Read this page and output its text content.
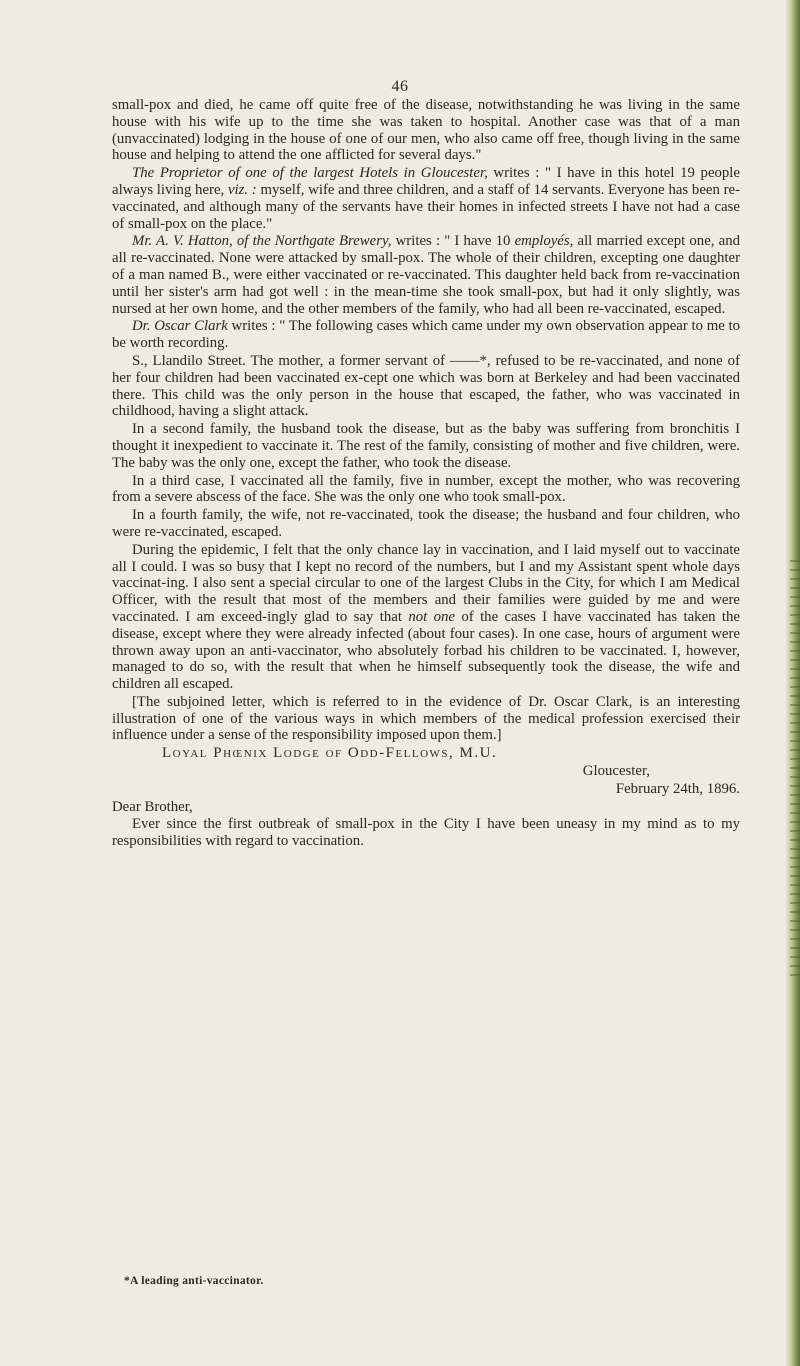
46

small-pox and died, he came off quite free of the disease, notwithstanding he was living in the same house with his wife up to the time she was taken to hospital. Another case was that of a man (unvaccinated) lodging in the house of one of our men, who also came off free, though living in the same house and helping to attend the one afflicted for several days."

The Proprietor of one of the largest Hotels in Gloucester, writes : " I have in this hotel 19 people always living here, viz. : myself, wife and three children, and a staff of 14 servants. Everyone has been re-vaccinated, and although many of the servants have their homes in infected streets I have not had a case of small-pox on the place."

Mr. A. V. Hatton, of the Northgate Brewery, writes : " I have 10 employés, all married except one, and all re-vaccinated. None were attacked by small-pox. The whole of their children, excepting one daughter of a man named B., were either vaccinated or re-vaccinated. This daughter held back from re-vaccination until her sister's arm had got well : in the mean-time she took small-pox, but had it only slightly, was nursed at her own home, and the other members of the family, who had all been re-vaccinated, escaped.

Dr. Oscar Clark writes : " The following cases which came under my own observation appear to me to be worth recording.

S., Llandilo Street. The mother, a former servant of ——*, refused to be re-vaccinated, and none of her four children had been vaccinated ex-cept one which was born at Berkeley and had been vaccinated there. This child was the only person in the house that escaped, the father, who was vaccinated in childhood, having a slight attack.

In a second family, the husband took the disease, but as the baby was suffering from bronchitis I thought it inexpedient to vaccinate it. The rest of the family, consisting of mother and five children, were. The baby was the only one, except the father, who took the disease.

In a third case, I vaccinated all the family, five in number, except the mother, who was recovering from a severe abscess of the face. She was the only one who took small-pox.

In a fourth family, the wife, not re-vaccinated, took the disease; the husband and four children, who were re-vaccinated, escaped.

During the epidemic, I felt that the only chance lay in vaccination, and I laid myself out to vaccinate all I could. I was so busy that I kept no record of the numbers, but I and my Assistant spent whole days vaccinat-ing. I also sent a special circular to one of the largest Clubs in the City, for which I am Medical Officer, with the result that most of the members and their families were guided by me and were vaccinated. I am exceed-ingly glad to say that not one of the cases I have vaccinated has taken the disease, except where they were already infected (about four cases). In one case, hours of argument were thrown away upon an anti-vaccinator, who absolutely forbad his children to be vaccinated. I, however, managed to do so, with the result that when he himself subsequently took the disease, the wife and children all escaped.

[The subjoined letter, which is referred to in the evidence of Dr. Oscar Clark, is an interesting illustration of one of the various ways in which members of the medical profession exercised their influence under a sense of the responsibility imposed upon them.]

Loyal Phœnix Lodge of Odd-Fellows, M.U.

Gloucester,

February 24th, 1896.

Dear Brother,

Ever since the first outbreak of small-pox in the City I have been uneasy in my mind as to my responsibilities with regard to vaccination.

*A leading anti-vaccinator.
